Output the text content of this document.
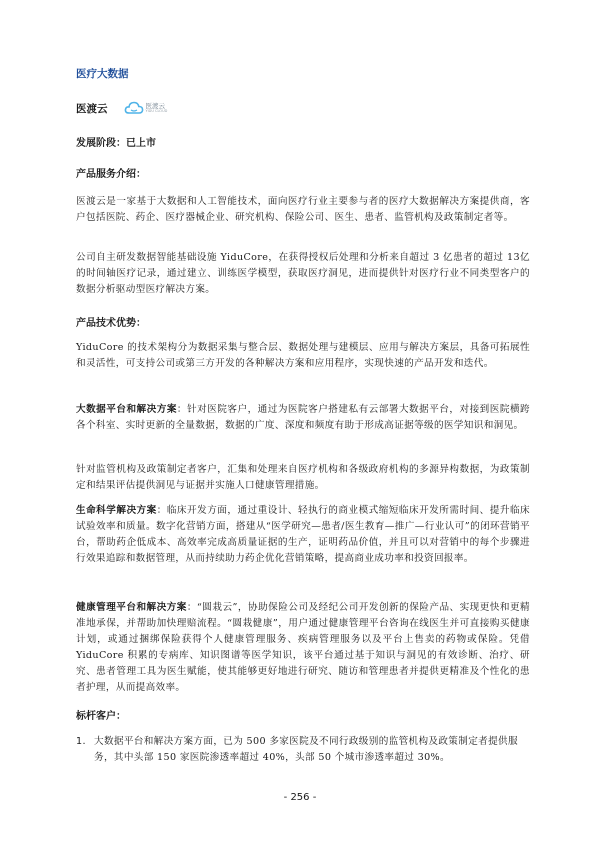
医疗大数据
医渡云	医渡云
YIDU CLOUD
发展阶段：已上市
产品服务介绍：
医渡云是一家基于大数据和人工智能技术，面向医疗行业主要参与者的医疗大数据解决方案提供商，客户包括医院、药企、医疗器械企业、研究机构、保险公司、医生、患者、监管机构及政策制定者等。
公司自主研发数据智能基础设施 YiduCore，在获得授权后处理和分析来自超过 3 亿患者的超过 13亿的时间轴医疗记录，通过建立、训练医学模型，获取医疗洞见，进而提供针对医疗行业不同类型客户的数据分析驱动型医疗解决方案。
产品技术优势：
YiduCore 的技术架构分为数据采集与整合层、数据处理与建模层、应用与解决方案层，具备可拓展性和灵活性，可支持公司或第三方开发的各种解决方案和应用程序，实现快速的产品开发和迭代。
大数据平台和解决方案：针对医院客户，通过为医院客户搭建私有云部署大数据平台，对接到医院横跨各个科室、实时更新的全量数据，数据的广度、深度和频度有助于形成高证据等级的医学知识和洞见。
针对监管机构及政策制定者客户，汇集和处理来自医疗机构和各级政府机构的多源异构数据，为政策制定和结果评估提供洞见与证据并实施人口健康管理措施。
生命科学解决方案：临床开发方面，通过重设计、轻执行的商业模式缩短临床开发所需时间、提升临床试验效率和质量。数字化营销方面，搭建从“医学研究—患者/医生教育—推广—行业认可”的闭环营销平台，帮助药企低成本、高效率完成高质量证据的生产，证明药品价值，并且可以对营销中的每个步骤进行效果追踪和数据管理，从而持续助力药企优化营销策略，提高商业成功率和投资回报率。
健康管理平台和解决方案：“圆栽云”，协助保险公司及经纪公司开发创新的保险产品、实现更快和更精准地承保，并帮助加快理赔流程。“圆栽健康”，用户通过健康管理平台咨询在线医生并可直接购买健康计划，或通过捆绑保险获得个人健康管理服务、疾病管理服务以及平台上售卖的药物或保险。凭借 YiduCore 积累的专病库、知识图谱等医学知识，该平台通过基于知识与洞见的有效诊断、治疗、研究、患者管理工具为医生赋能，使其能够更好地进行研究、随访和管理患者并提供更精准及个性化的患者护理，从而提高效率。
标杆客户：
1. 大数据平台和解决方案方面，已为 500 多家医院及不同行政级别的监管机构及政策制定者提供服务，其中头部 150 家医院渗透率超过 40%，头部 50 个城市渗透率超过 30%。
- 256 -
